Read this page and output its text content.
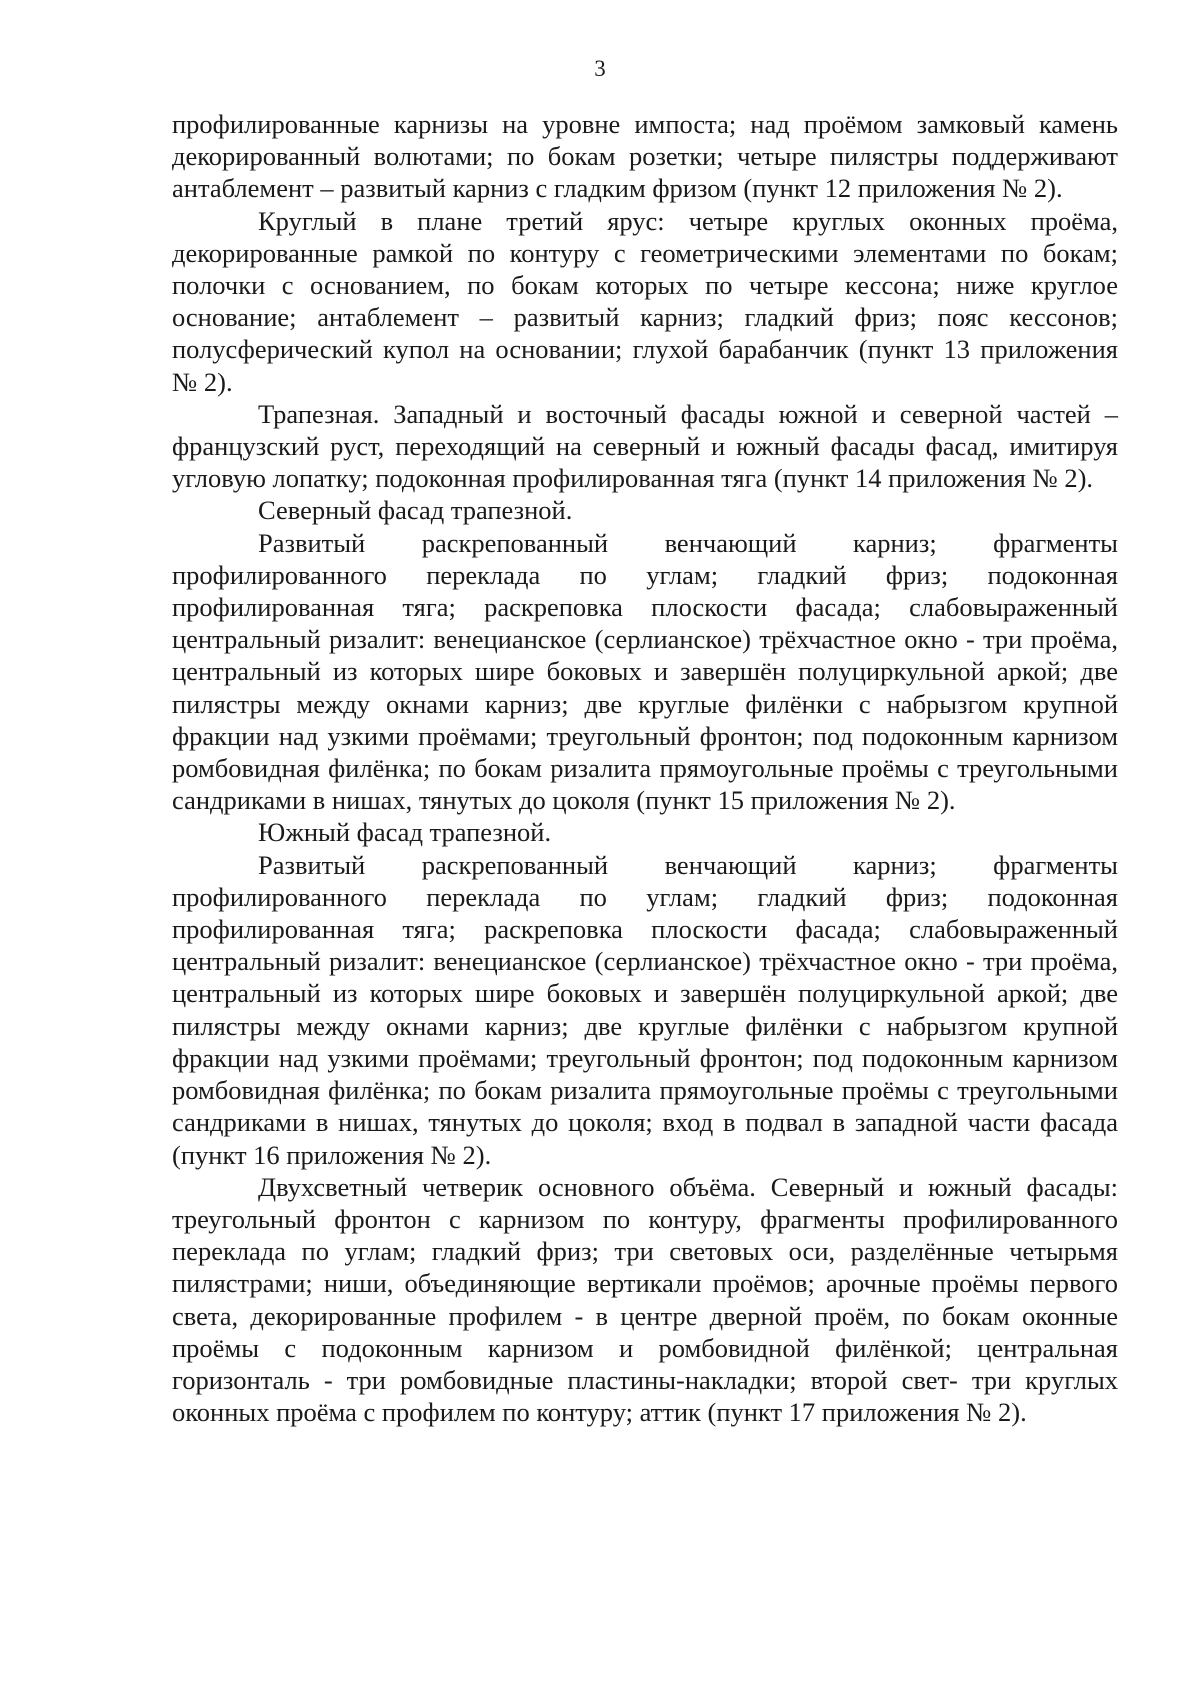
3

профилированные карнизы на уровне импоста; над проёмом замковый камень декорированный волютами; по бокам розетки; четыре пилястры поддерживают антаблемент – развитый карниз с гладким фризом (пункт 12 приложения № 2).

Круглый в плане третий ярус: четыре круглых оконных проёма, декорированные рамкой по контуру с геометрическими элементами по бокам; полочки с основанием, по бокам которых по четыре кессона; ниже круглое основание; антаблемент – развитый карниз; гладкий фриз; пояс кессонов; полусферический купол на основании; глухой барабанчик (пункт 13 приложения № 2).

Трапезная. Западный и восточный фасады южной и северной частей – французский руст, переходящий на северный и южный фасады фасад, имитируя угловую лопатку; подоконная профилированная тяга (пункт 14 приложения № 2).

Северный фасад трапезной.

Развитый раскрепованный венчающий карниз; фрагменты профилированного переклада по углам; гладкий фриз; подоконная профилированная тяга; раскреповка плоскости фасада; слабовыраженный центральный ризалит: венецианское (серлианское) трёхчастное окно - три проёма, центральный из которых шире боковых и завершён полуциркульной аркой; две пилястры между окнами карниз; две круглые филёнки с набрызгом крупной фракции над узкими проёмами; треугольный фронтон; под подоконным карнизом ромбовидная филёнка; по бокам ризалита прямоугольные проёмы с треугольными сандриками в нишах, тянутых до цоколя (пункт 15 приложения № 2).

Южный фасад трапезной.

Развитый раскрепованный венчающий карниз; фрагменты профилированного переклада по углам; гладкий фриз; подоконная профилированная тяга; раскреповка плоскости фасада; слабовыраженный центральный ризалит: венецианское (серлианское) трёхчастное окно - три проёма, центральный из которых шире боковых и завершён полуциркульной аркой; две пилястры между окнами карниз; две круглые филёнки с набрызгом крупной фракции над узкими проёмами; треугольный фронтон; под подоконным карнизом ромбовидная филёнка; по бокам ризалита прямоугольные проёмы с треугольными сандриками в нишах, тянутых до цоколя; вход в подвал в западной части фасада (пункт 16 приложения № 2).

Двухсветный четверик основного объёма. Северный и южный фасады: треугольный фронтон с карнизом по контуру, фрагменты профилированного переклада по углам; гладкий фриз; три световых оси, разделённые четырьмя пилястрами; ниши, объединяющие вертикали проёмов; арочные проёмы первого света, декорированные профилем - в центре дверной проём, по бокам оконные проёмы с подоконным карнизом и ромбовидной филёнкой; центральная горизонталь - три ромбовидные пластины-накладки; второй свет- три круглых оконных проёма с профилем по контуру; аттик (пункт 17 приложения № 2).
